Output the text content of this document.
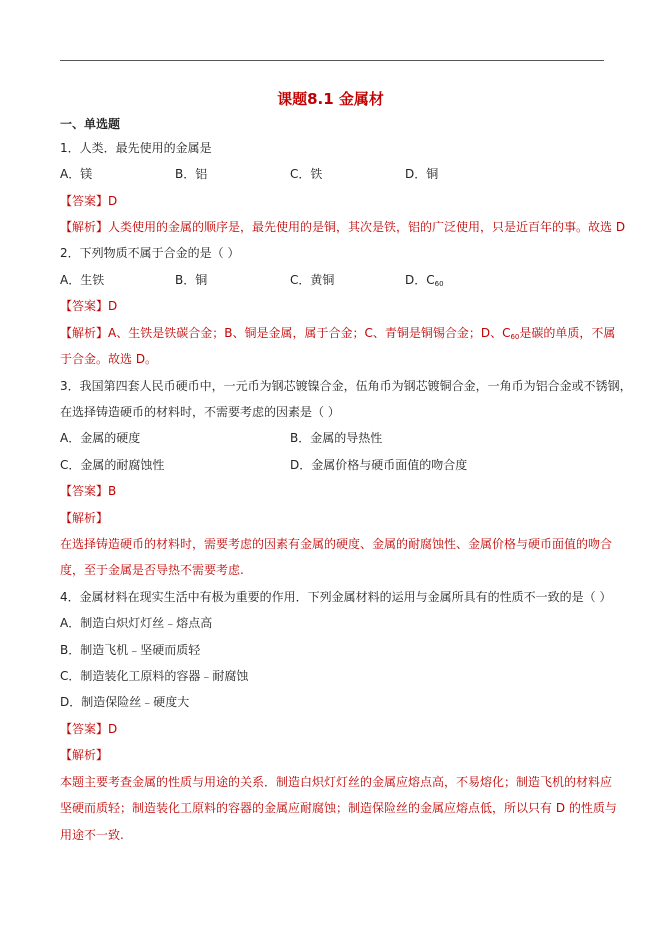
课题8.1 金属材
一、单选题
1．人类．最先使用的金属是
A．镁	B．铝	C．铁	D．铜
【答案】D
【解析】人类使用的金属的顺序是，最先使用的是铜，其次是铁，铝的广泛使用，只是近百年的事。故选 D
2．下列物质不属于合金的是（ ）
A．生铁	B．铜	C．黄铜	D．$C_{60}$
【答案】D
【解析】A、生铁是铁碳合金；B、铜是金属，属于合金；C、青铜是铜锡合金；D、$C_{60}$是碳的单质，不属
于合金。故选 D。
3．我国第四套人民币硬币中，一元币为钢芯镀镍合金，伍角币为钢芯镀铜合金，一角币为铝合金或不锈钢，
在选择铸造硬币的材料时，不需要考虑的因素是（ ）
A．金属的硬度	B．金属的导热性
C．金属的耐腐蚀性	D．金属价格与硬币面值的吻合度
【答案】B
【解析】
在选择铸造硬币的材料时，需要考虑的因素有金属的硬度、金属的耐腐蚀性、金属价格与硬币面值的吻合
度，至于金属是否导热不需要考虑.
4．金属材料在现实生活中有极为重要的作用．下列金属材料的运用与金属所具有的性质不一致的是（ ）
A．制造白炽灯灯丝﹣熔点高
B．制造飞机﹣坚硬而质轻
C．制造装化工原料的容器﹣耐腐蚀
D．制造保险丝﹣硬度大
【答案】D
【解析】
本题主要考查金属的性质与用途的关系．制造白炽灯灯丝的金属应熔点高，不易熔化；制造飞机的材料应
坚硬而质轻；制造装化工原料的容器的金属应耐腐蚀；制造保险丝的金属应熔点低，所以只有 D 的性质与
用途不一致.
